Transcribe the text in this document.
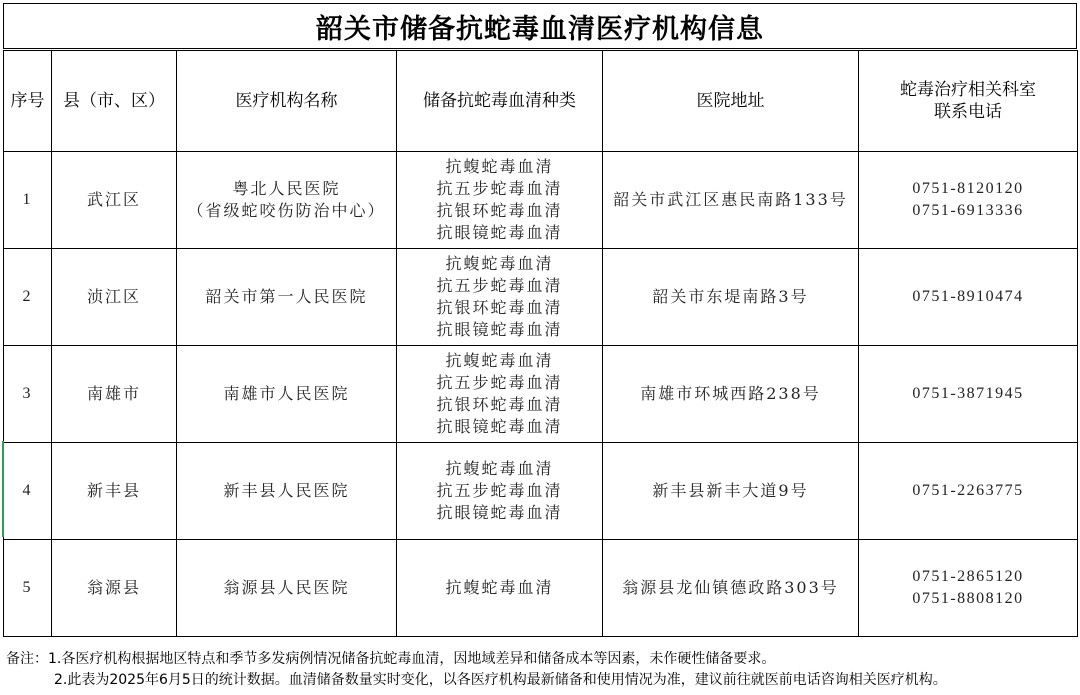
韶关市储备抗蛇毒血清医疗机构信息
序号	县（市、区）	医疗机构名称	储备抗蛇毒血清种类	医院地址	蛇毒治疗相关科室
联系电话

1	武江区	粤北人民医院
（省级蛇咬伤防治中心）	抗蝮蛇毒血清
抗五步蛇毒血清
抗银环蛇毒血清
抗眼镜蛇毒血清	韶关市武江区惠民南路133号	0751-8120120
0751-6913336

2	浈江区	韶关市第一人民医院	抗蝮蛇毒血清
抗五步蛇毒血清
抗银环蛇毒血清
抗眼镜蛇毒血清	韶关市东堤南路3号	0751-8910474

3	南雄市	南雄市人民医院	抗蝮蛇毒血清
抗五步蛇毒血清
抗银环蛇毒血清
抗眼镜蛇毒血清	南雄市环城西路238号	0751-3871945

4	新丰县	新丰县人民医院	抗蝮蛇毒血清
抗五步蛇毒血清
抗眼镜蛇毒血清	新丰县新丰大道9号	0751-2263775

5	翁源县	翁源县人民医院	抗蝮蛇毒血清	翁源县龙仙镇德政路303号	0751-2865120
0751-8808120
备注：1.各医疗机构根据地区特点和季节多发病例情况储备抗蛇毒血清，因地域差异和储备成本等因素，未作硬性储备要求。
2.此表为2025年6月5日的统计数据。血清储备数量实时变化，以各医疗机构最新储备和使用情况为准，建议前往就医前电话咨询相关医疗机构。
